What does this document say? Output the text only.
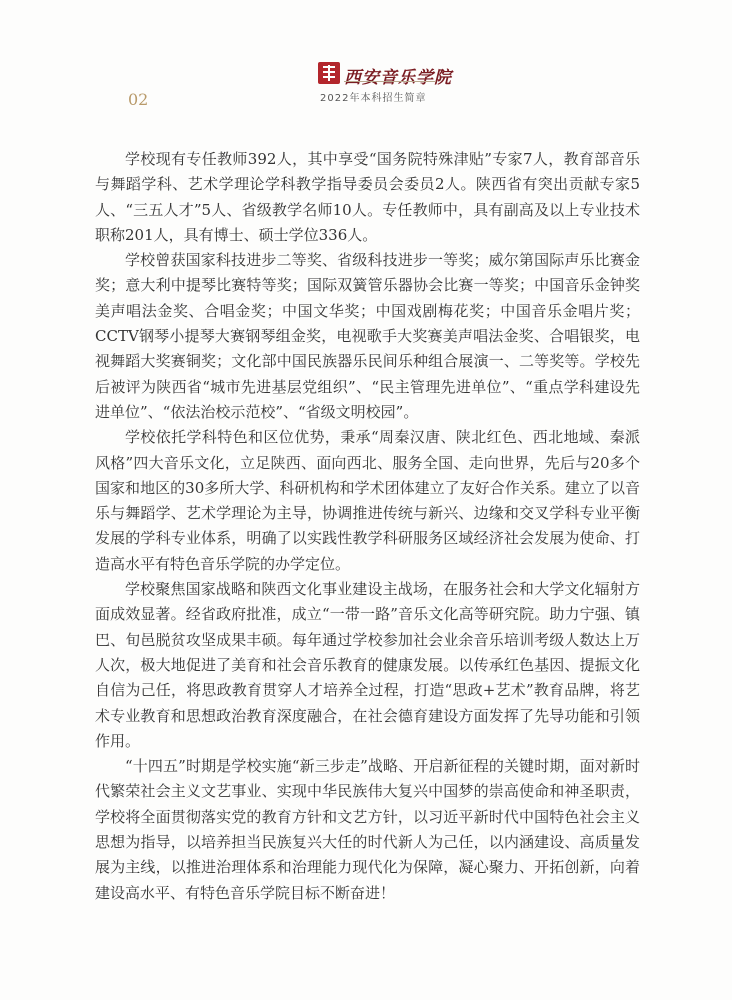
西安音乐学院
2022年本科招生简章
02

学校现有专任教师392人，其中享受“国务院特殊津贴”专家7人，教育部音乐与舞蹈学科、艺术学理论学科教学指导委员会委员2人。陕西省有突出贡献专家5人、“三五人才”5人、省级教学名师10人。专任教师中，具有副高及以上专业技术职称201人，具有博士、硕士学位336人。

学校曾获国家科技进步二等奖、省级科技进步一等奖；威尔第国际声乐比赛金奖；意大利中提琴比赛特等奖；国际双簧管乐器协会比赛一等奖；中国音乐金钟奖美声唱法金奖、合唱金奖；中国文华奖；中国戏剧梅花奖；中国音乐金唱片奖；CCTV钢琴小提琴大赛钢琴组金奖，电视歌手大奖赛美声唱法金奖、合唱银奖，电视舞蹈大奖赛铜奖；文化部中国民族器乐民间乐种组合展演一、二等奖等。学校先后被评为陕西省“城市先进基层党组织”、“民主管理先进单位”、“重点学科建设先进单位”、“依法治校示范校”、“省级文明校园”。

学校依托学科特色和区位优势，秉承“周秦汉唐、陕北红色、西北地域、秦派风格”四大音乐文化，立足陕西、面向西北、服务全国、走向世界，先后与20多个国家和地区的30多所大学、科研机构和学术团体建立了友好合作关系。建立了以音乐与舞蹈学、艺术学理论为主导，协调推进传统与新兴、边缘和交叉学科专业平衡发展的学科专业体系，明确了以实践性教学科研服务区域经济社会发展为使命、打造高水平有特色音乐学院的办学定位。

学校聚焦国家战略和陕西文化事业建设主战场，在服务社会和大学文化辐射方面成效显著。经省政府批准，成立“一带一路”音乐文化高等研究院。助力宁强、镇巴、旬邑脱贫攻坚成果丰硕。每年通过学校参加社会业余音乐培训考级人数达上万人次，极大地促进了美育和社会音乐教育的健康发展。以传承红色基因、提振文化自信为己任，将思政教育贯穿人才培养全过程，打造“思政+艺术”教育品牌，将艺术专业教育和思想政治教育深度融合，在社会德育建设方面发挥了先导功能和引领作用。

“十四五”时期是学校实施“新三步走”战略、开启新征程的关键时期，面对新时代繁荣社会主义文艺事业、实现中华民族伟大复兴中国梦的崇高使命和神圣职责，学校将全面贯彻落实党的教育方针和文艺方针，以习近平新时代中国特色社会主义思想为指导，以培养担当民族复兴大任的时代新人为己任，以内涵建设、高质量发展为主线，以推进治理体系和治理能力现代化为保障，凝心聚力、开拓创新，向着建设高水平、有特色音乐学院目标不断奋进！
